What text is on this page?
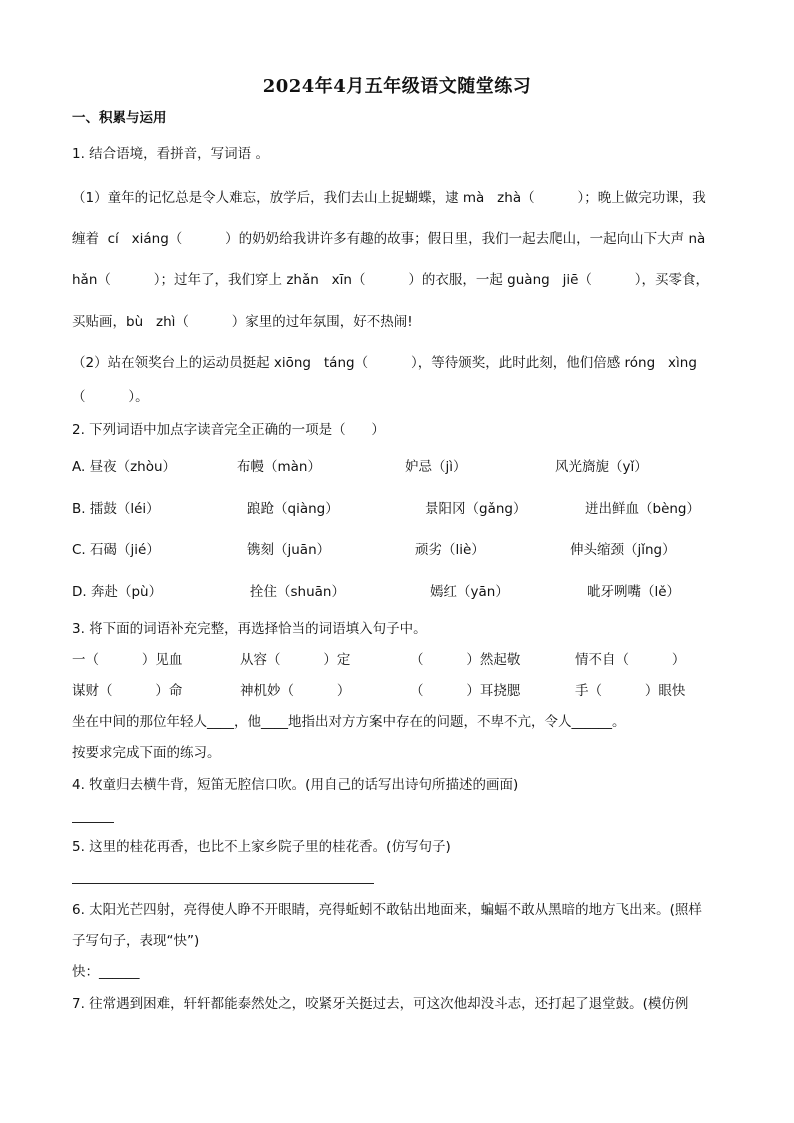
2024年4月五年级语文随堂练习
一、积累与运用
1. 结合语境，看拼音，写词语 。
（1）童年的记忆总是令人难忘，放学后，我们去山上捉蝴蝶，逮 mà   zhà（          ）；晚上做完功课，我
缠着  cí   xiáng（          ）的奶奶给我讲许多有趣的故事；假日里，我们一起去爬山，一起向山下大声 nà
hǎn（          ）；过年了，我们穿上 zhǎn   xīn（          ）的衣服，一起 guàng   jiē（          ），买零食，
买贴画，bù   zhì（          ）家里的过年氛围，好不热闹!
（2）站在领奖台上的运动员挺起 xiōng   táng（          ），等待颁奖，此时此刻，他们倍感 róng   xìng
（          ）。
2. 下列词语中加点字读音完全正确的一项是（      ）
A. 昼夜（zhòu）	布幔（màn）	妒忌（jì）	风光旖旎（yǐ）
B. 擂鼓（léi）	踉跄（qiàng）	景阳冈（gǎng）	迸出鲜血（bèng）
C. 石碣（jié）	镌刻（juān）	顽劣（liè）	伸头缩颈（jǐng）
D. 奔赴（pù）	拴住（shuān）	嫣红（yān）	呲牙咧嘴（lě）
3. 将下面的词语补充完整，再选择恰当的词语填入句子中。
一（          ）见血	从容（          ）定	（          ）然起敬	情不自（          ）
谋财（          ）命	神机妙（          ）	（          ）耳挠腮	手（          ）眼快
坐在中间的那位年轻人____，他____地指出对方方案中存在的问题，不卑不亢，令人______。
按要求完成下面的练习。
4. 牧童归去横牛背，短笛无腔信口吹。(用自己的话写出诗句所描述的画面)
5. 这里的桂花再香，也比不上家乡院子里的桂花香。(仿写句子)
6. 太阳光芒四射，亮得使人睁不开眼睛，亮得蚯蚓不敢钻出地面来，蝙蝠不敢从黑暗的地方飞出来。(照样
子写句子，表现“快”)
快：______
7. 往常遇到困难，轩轩都能泰然处之，咬紧牙关挺过去，可这次他却没斗志，还打起了退堂鼓。(模仿例
